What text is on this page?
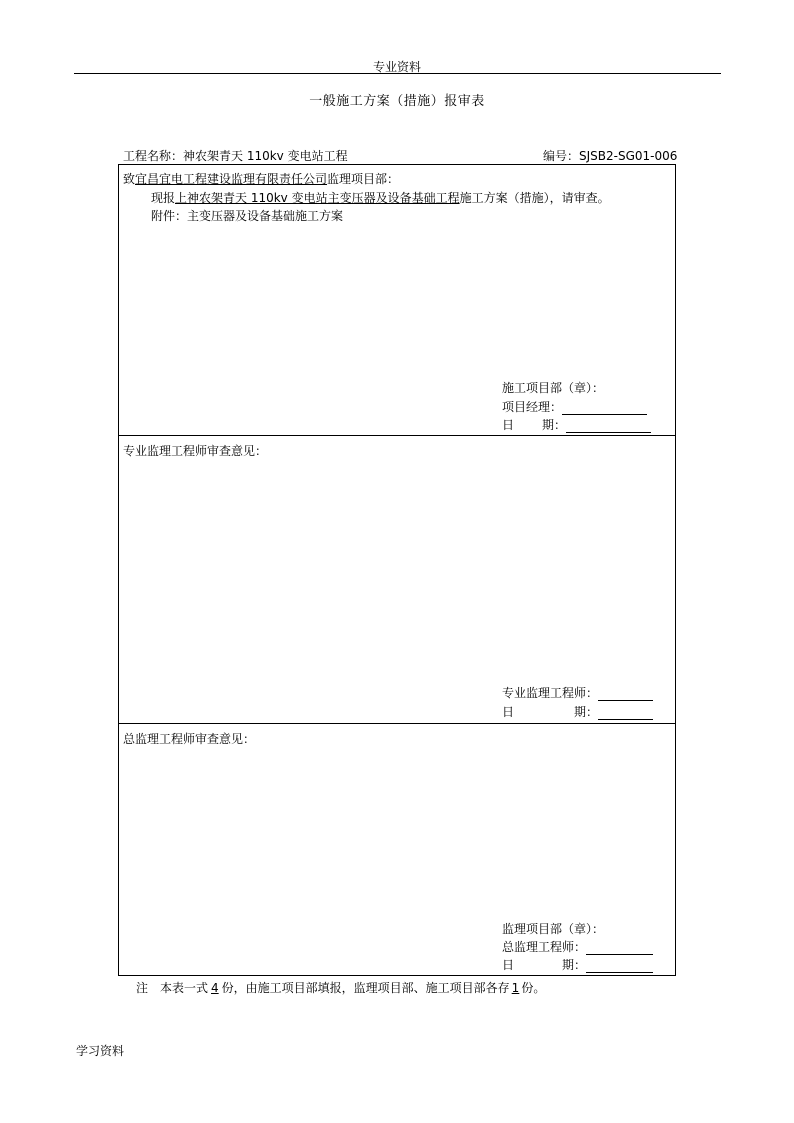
专业资料
一般施工方案（措施）报审表
工程名称：神农架青天 110kv 变电站工程	编号：SJSB2-SG01-006
致宜昌宜电工程建设监理有限责任公司监理项目部：
现报上神农架青天 110kv 变电站主变压器及设备基础工程施工方案（措施），请审查。
附件：主变压器及设备基础施工方案
施工项目部（章）：
项目经理：
日 期：
专业监理工程师审查意见：
专业监理工程师：
日	期：
总监理工程师审查意见：
监理项目部（章）：
总监理工程师：
日	期：
注　本表一式 4 份，由施工项目部填报，监理项目部、施工项目部各存 1 份。
学习资料
